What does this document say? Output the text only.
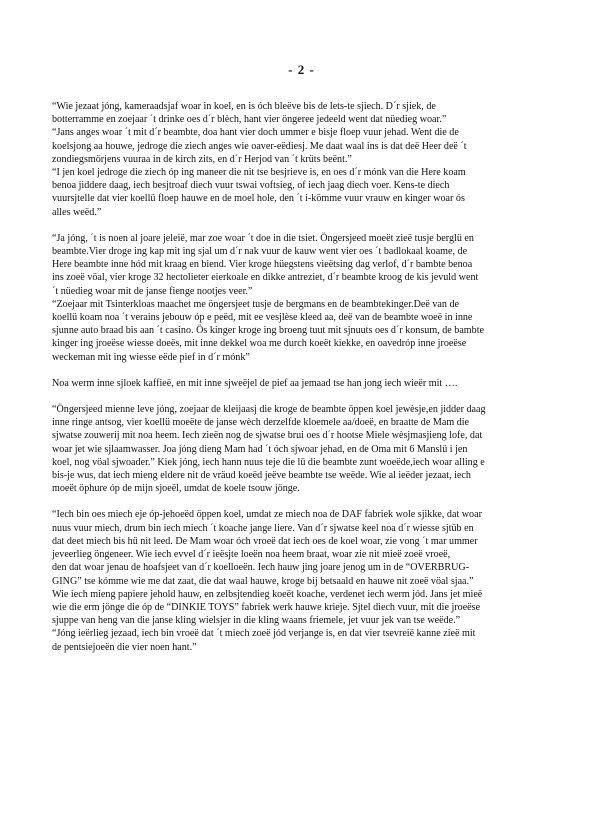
- 2 -

“Wie jezaat jóng, kameraadsjaf woar in koel, en is óch bleëve bis de lets-te sjiech. D´r sjiek, de
botterramme en zoejaar ´t drinke oes d´r blèch, hant vier öngeree jedeeld went dat nüedieg woar.”
“Jans anges woar ´t mit d´r beambte, doa hant vier doch ummer e bisje floep vuur jehad. Went die de
koelsjong aa houwe, jedroge die ziech anges wie oaver-eëdiesj. Me daat waal ins is dat deë Heer deë ´t
zondiegsmörjens vuuraa in de kirch zits, en d´r Herjod van ´t krüts beënt.”
“I jen koel jedroge die ziech óp ing maneer die nit tse besjrieve is, en oes d´r mónk van die Here koam
benoa jiddere daag, iech besjtroaf diech vuur tswai voftsieg, of iech jaag diech voer. Kens-te diech
vuursjtelle dat vier koellü floep hauwe en de moel hole, den ´t i-kömme vuur vrauw en kinger woar ós
alles weëd.”

“Ja jóng, ´t is noen al joare jeleië, mar zoe woar ´t doe in die tsiet. Öngersjeed moeët zieë tusje berglü en
beambte.Vier droge ing kap mit ing sjal um d´r nak vuur de kauw went vier oes ´t badlokaal koame, de
Here beambte inne hód mit kraag en biend. Vier kroge hüegstens vieëtsing dag verlof, d´r bambte benoa
ins zoeë vöal, vier kroge 32 hectolieter eierkoale en dikke antreziet, d´r beambte kroog de kis jevuld went
´t nüedieg woar mit de janse fienge nootjes veer.”
“Zoejaar mit Tsinterkloas maachet me öngersjeet tusje de bergmans en de beambtekinger.Deë van de
koellü koam noa ´t verains jebouw óp e peëd, mit ee vesjlèse kleed aa, deë van de beambte woeë in inne
sjunne auto braad bis aan ´t casino. Ös kinger kroge ing broeng tuut mit sjnuuts oes d´r konsum, de bambte
kinger ing jroeëse wiesse doeës, mit inne dekkel woa me durch koeët kiekke, en oavedróp inne jroeëse
weckeman mit ing wiesse eëde pief in d´r mónk”

Noa werm inne sjloek kaffieë, en mit inne sjweëjel de pief aa jemaad tse han jong iech wieër mit ….

“Öngersjeed mienne leve jóng, zoejaar de kleijaasj die kroge de beambte öppen koel jewèsje,en jidder daag
inne ringe antsog, vier koellü moeëte de janse wèch derzelfde kloemele aa/doeë, en braatte de Mam die
sjwatse zouwerij mit noa heem. Iech zieën nog de sjwatse brui oes d´r hootse Miele wèsjmasjieng lofe, dat
woar jet wie sjlaamwasser. Joa jóng dieng Mam had ´t óch sjwoar jehad, en de Oma mit 6 Manslü i jen
koel, nog vöal sjwoader.” Kiek jóng, iech hann nuus teje die lü die beambte zunt woeëde,iech woar alling e
bis-je wus, dat iech mieng eldere nit de vräud koeëd jeëve beambte tse weëde. Wie al ieëder jezaat, iech
moeët öphure óp de mijn sjoeël, umdat de koele tsouw jönge.

“Iech bin oes miech eje óp-jehoeëd öppen koel, umdat ze miech noa de DAF fabriek wole sjikke, dat woar
nuus vuur miech, drum bin iech miech ´t koache jange liere. Van d´r sjwatse keel noa d´r wiesse sjtüb en
dat deet miech bis hü nit leed. De Mam woar óch vroeë dat iech oes de koel woar, zie vong ´t mar ummer
jeveerlieg öngeneer. Wie iech evvel d´r ieësjte loeën noa heem braat, woar zie nit mieë zoeë vroeë,
den dat woar jenau de hoafsjeet van d´r koelloeën. Iech hauw jing joare jenog um in de “OVERBRUG-
GING” tse kómme wie me dat zaat, die dat waal hauwe, kroge bij betsaald en hauwe nit zoeë vöal sjaa.”
Wie iech mieng papiere jehold hauw, en zelbsjtendieg koeët koache, verdenet iech werm jód. Jans jet mieë
wie die erm jönge die óp de “DINKIE TOYS” fabriek werk hauwe krieje. Sjtel diech vuur, mit die jroeëse
sjuppe van heng van die janse kling wielsjer in die kling waans friemele, jet vuur jek van tse weëde.”
“Jóng ieërlieg jezaad, iech bin vroeë dat ´t miech zoeë jód verjange is, en dat vier tsevreië kanne zieë mit
de pentsiejoeën die vier noen hant.”
